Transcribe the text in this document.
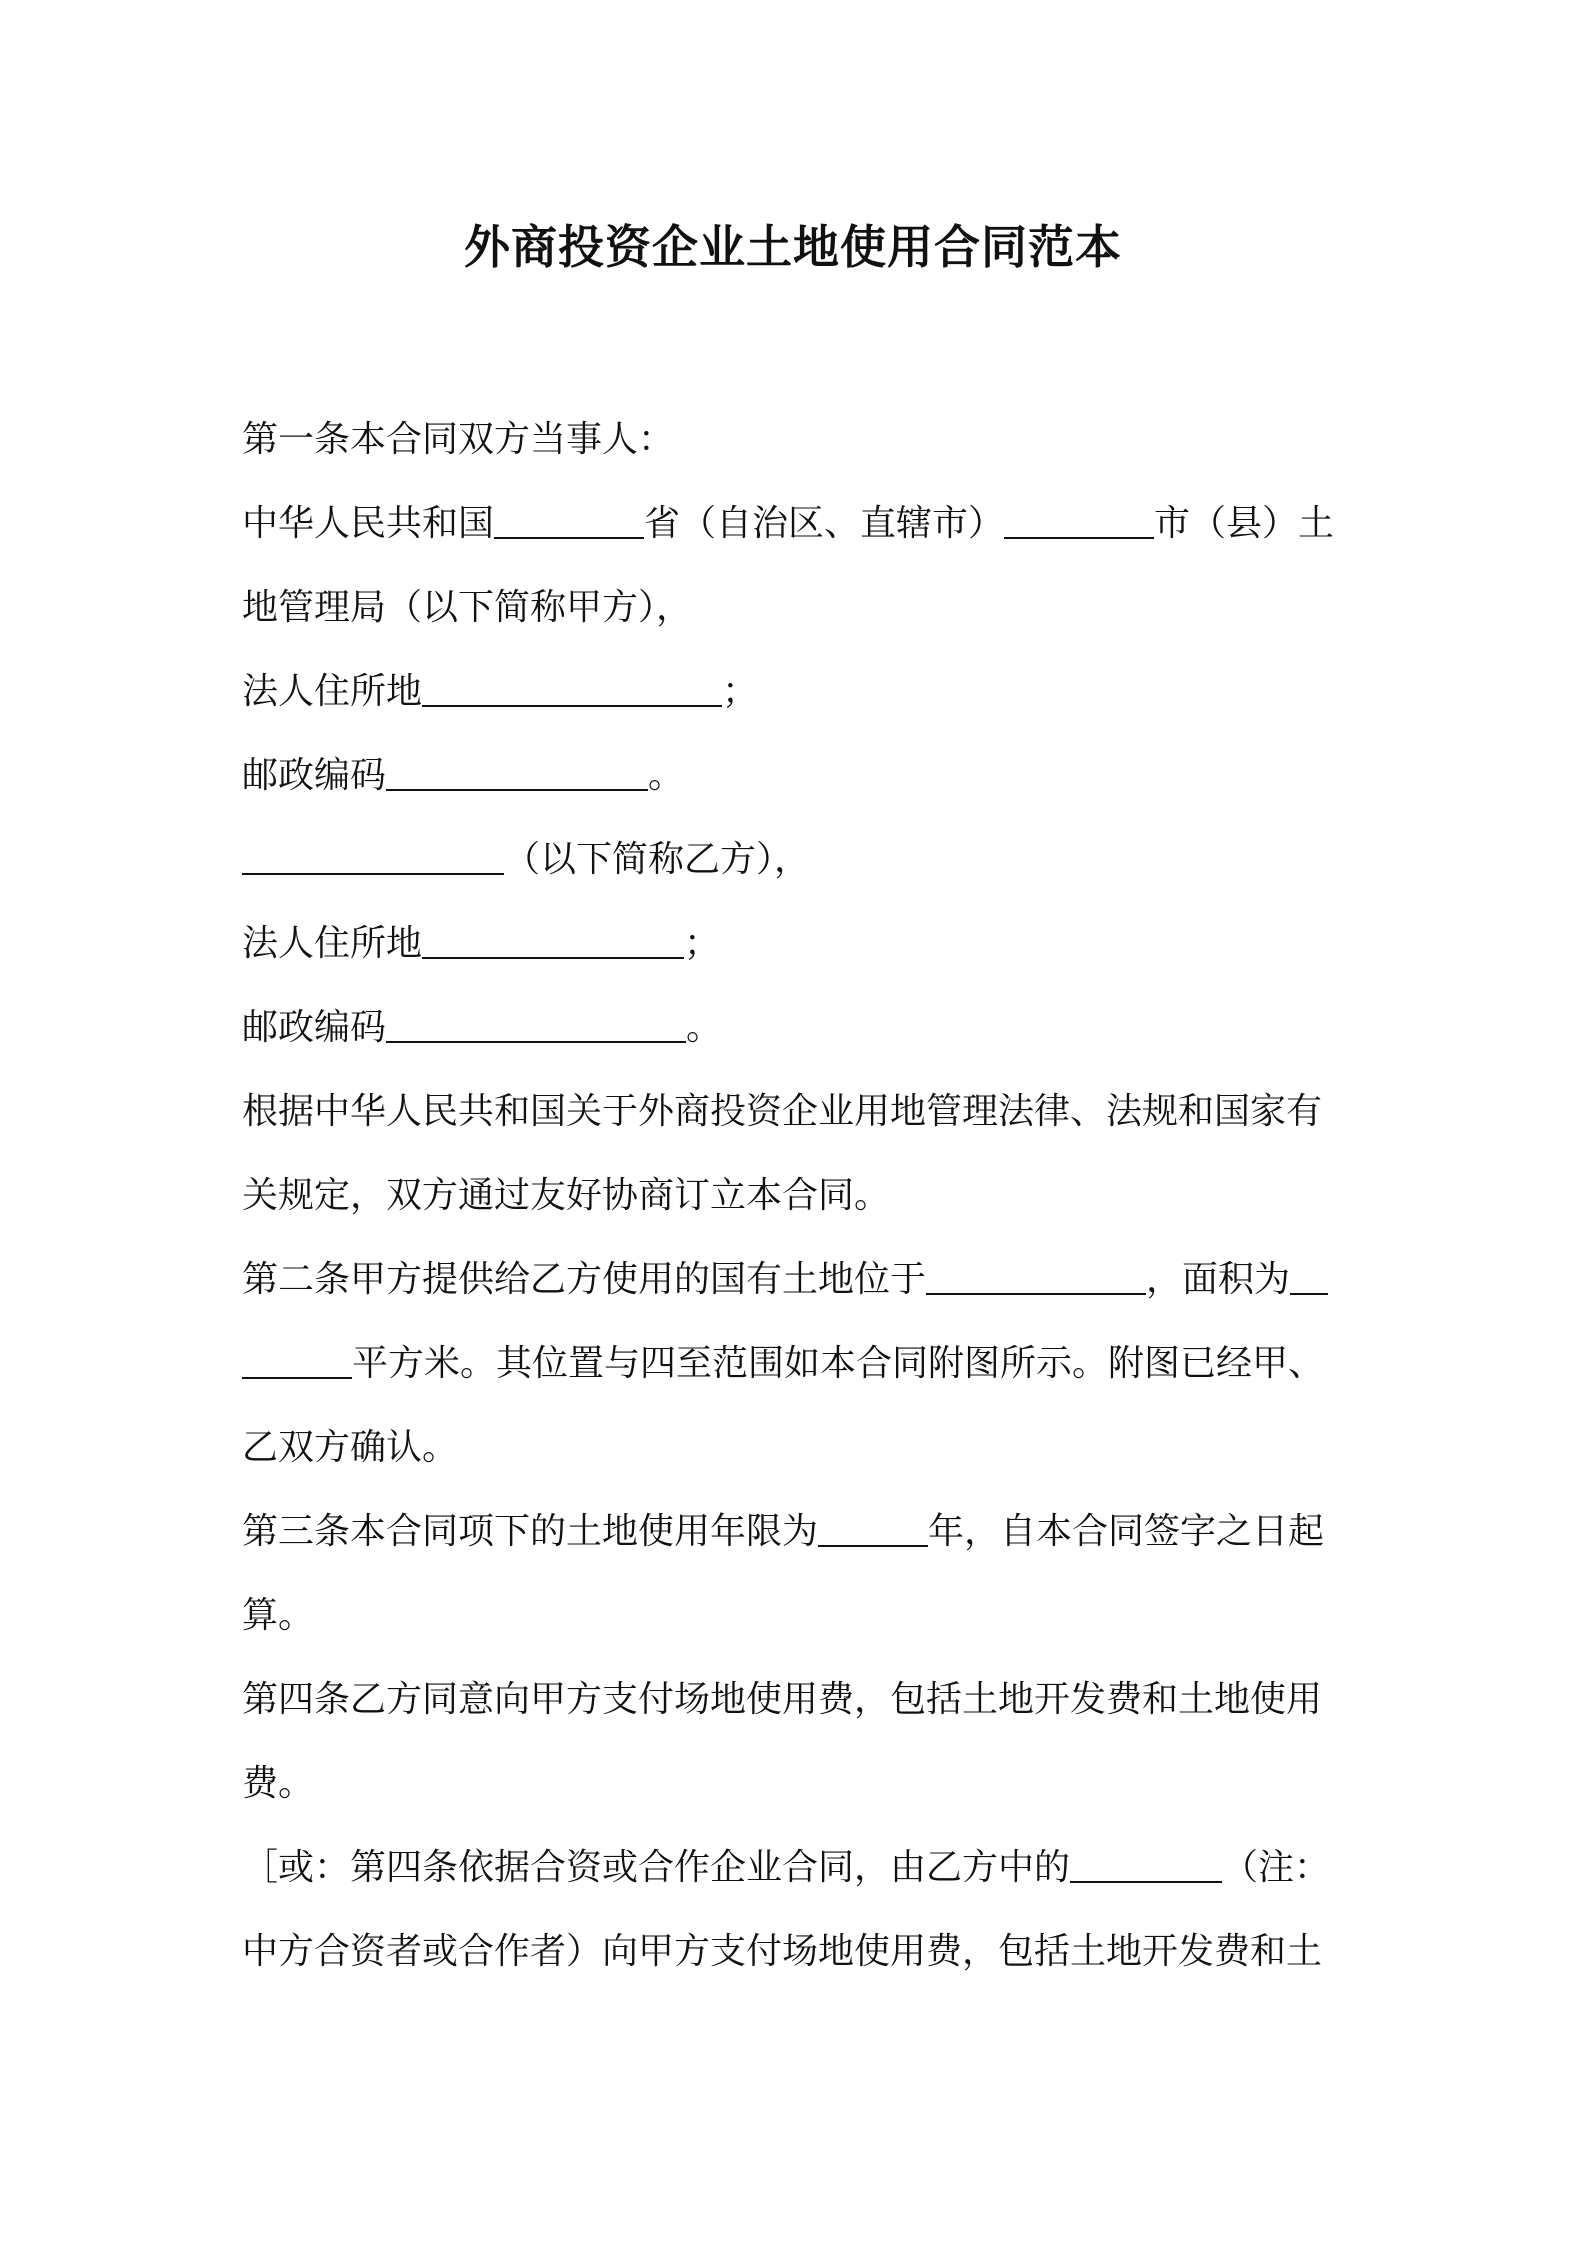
外商投资企业土地使用合同范本
第一条本合同双方当事人：
中华人民共和国	省（自治区、直辖市）	市（县）土
地管理局（以下简称甲方），
法人住所地	；
邮政编码	。
（以下简称乙方），
法人住所地	；
邮政编码	。
根据中华人民共和国关于外商投资企业用地管理法律、法规和国家有
关规定，双方通过友好协商订立本合同。
第二条甲方提供给乙方使用的国有土地位于	，面积为
平方米。其位置与四至范围如本合同附图所示。附图已经甲、
乙双方确认。
第三条本合同项下的土地使用年限为	年，自本合同签字之日起
算。
第四条乙方同意向甲方支付场地使用费，包括土地开发费和土地使用
费。
［或：第四条依据合资或合作企业合同，由乙方中的	（注：
中方合资者或合作者）向甲方支付场地使用费，包括土地开发费和土
